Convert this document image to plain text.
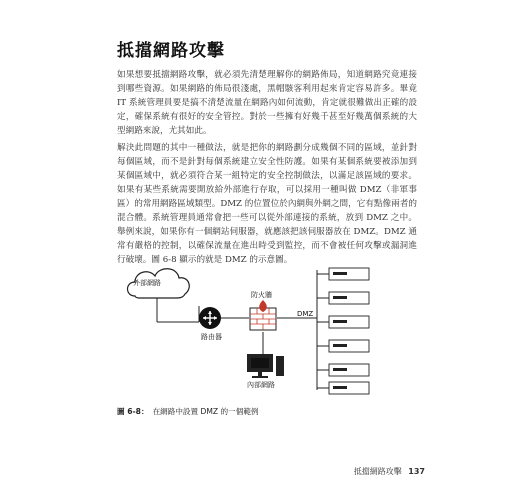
抵擋網路攻擊
如果想要抵擋網路攻擊，就必須先清楚理解你的網路佈局，知道網路究竟連接到哪些資源。如果網路的佈局很淺處，黑帽駭客利用起來肯定容易許多。畢竟 IT 系統管理員要是搞不清楚流量在網路內如何流動，肯定就很難做出正確的設定，確保系統有很好的安全管控。對於一些擁有好幾千甚至好幾萬個系統的大型網路來說，尤其如此。
解決此問題的其中一種做法，就是把你的網路劃分成幾個不同的區域，並針對每個區域，而不是針對每個系統建立安全性防護。如果有某個系統要被添加到某個區域中，就必須符合某一組特定的安全控制做法，以滿足該區域的要求。如果有某些系統需要開放給外部進行存取，可以採用一種叫做 DMZ（非軍事區）的常用網路區域類型。DMZ 的位置位於內網與外網之間，它有點像兩者的混合體。系統管理員通常會把一些可以從外部連接的系統，放到 DMZ 之中。舉例來說，如果你有一個網站伺服器，就應該把該伺服器放在 DMZ。DMZ 通常有嚴格的控制，以確保流量在進出時受到監控，而不會被任何攻擊或漏洞進行破壞。圖 6-8 顯示的就是 DMZ 的示意圖。
外部網路
防火牆
DMZ
路由器
內部網路
圖 6-8： 在網路中設置 DMZ 的一個範例
抵擋網路攻擊 137
